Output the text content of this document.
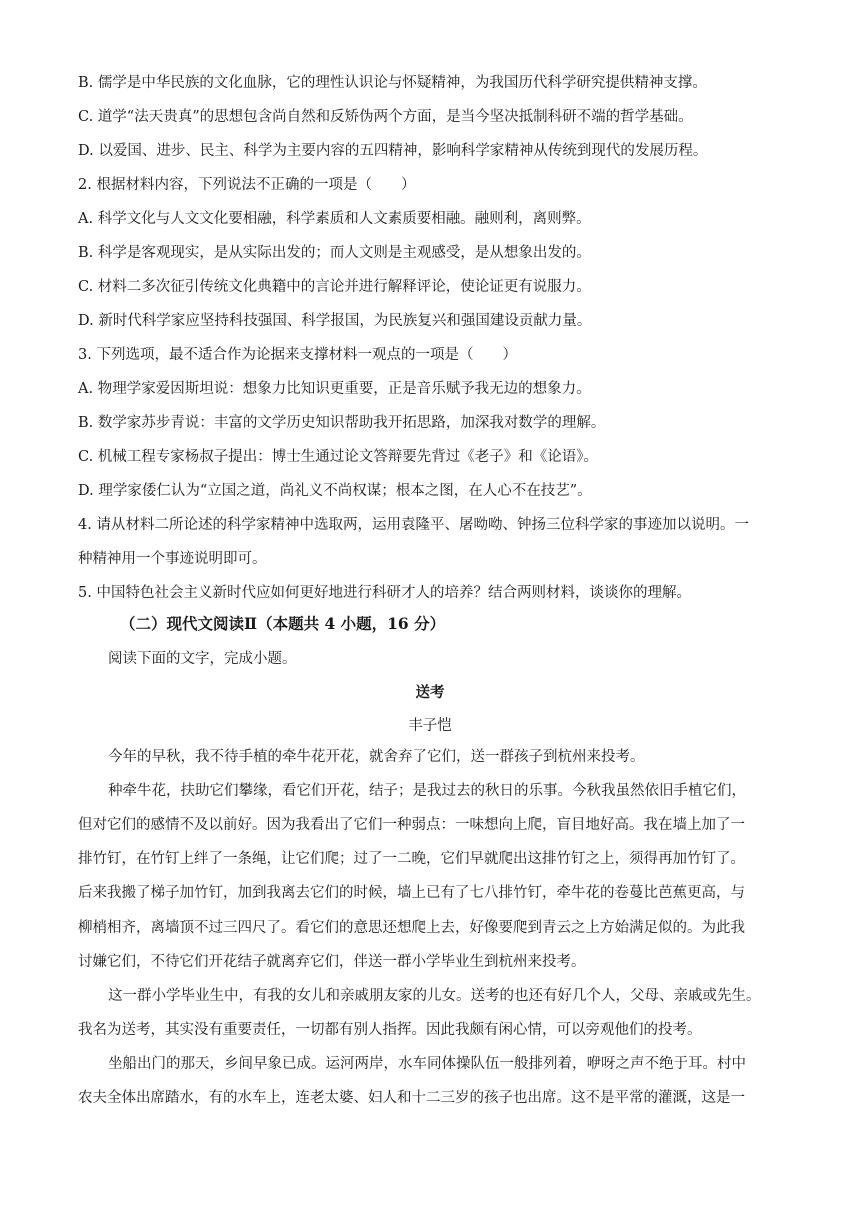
B. 儒学是中华民族的文化血脉，它的理性认识论与怀疑精神，为我国历代科学研究提供精神支撑。
C. 道学“法天贵真”的思想包含尚自然和反矫伪两个方面，是当今坚决抵制科研不端的哲学基础。
D. 以爱国、进步、民主、科学为主要内容的五四精神，影响科学家精神从传统到现代的发展历程。
2. 根据材料内容，下列说法不正确的一项是（　　）
A. 科学文化与人文文化要相融，科学素质和人文素质要相融。融则利，离则弊。
B. 科学是客观现实，是从实际出发的；而人文则是主观感受，是从想象出发的。
C. 材料二多次征引传统文化典籍中的言论并进行解释评论，使论证更有说服力。
D. 新时代科学家应坚持科技强国、科学报国，为民族复兴和强国建设贡献力量。
3. 下列选项，最不适合作为论据来支撑材料一观点的一项是（　　）
A. 物理学家爱因斯坦说：想象力比知识更重要，正是音乐赋予我无边的想象力。
B. 数学家苏步青说：丰富的文学历史知识帮助我开拓思路，加深我对数学的理解。
C. 机械工程专家杨叔子提出：博士生通过论文答辩要先背过《老子》和《论语》。
D. 理学家倭仁认为“立国之道，尚礼义不尚权谋；根本之图，在人心不在技艺”。
4. 请从材料二所论述的科学家精神中选取两，运用袁隆平、屠呦呦、钟扬三位科学家的事迹加以说明。一
种精神用一个事迹说明即可。
5. 中国特色社会主义新时代应如何更好地进行科研才人的培养？结合两则材料，谈谈你的理解。
（二）现代文阅读Ⅱ（本题共 4 小题，16 分）
阅读下面的文字，完成小题。
送考
丰子恺
今年的早秋，我不待手植的牵牛花开花，就舍弃了它们，送一群孩子到杭州来投考。
种牵牛花，扶助它们攀缘，看它们开花，结子；是我过去的秋日的乐事。今秋我虽然依旧手植它们，
但对它们的感情不及以前好。因为我看出了它们一种弱点：一味想向上爬，盲目地好高。我在墙上加了一
排竹钉，在竹钉上绊了一条绳，让它们爬；过了一二晚，它们早就爬出这排竹钉之上，须得再加竹钉了。
后来我搬了梯子加竹钉，加到我离去它们的时候，墙上已有了七八排竹钉，牵牛花的卷蔓比芭蕉更高，与
柳梢相齐，离墙顶不过三四尺了。看它们的意思还想爬上去，好像要爬到青云之上方始满足似的。为此我
讨嫌它们，不待它们开花结子就离弃它们，伴送一群小学毕业生到杭州来投考。
这一群小学毕业生中，有我的女儿和亲戚朋友家的儿女。送考的也还有好几个人，父母、亲戚或先生。
我名为送考，其实没有重要责任，一切都有别人指挥。因此我颇有闲心情，可以旁观他们的投考。
坐船出门的那天，乡间早象已成。运河两岸，水车同体操队伍一般排列着，咿呀之声不绝于耳。村中
农夫全体出席踏水，有的水车上，连老太婆、妇人和十二三岁的孩子也出席。这不是平常的灌溉，这是一
